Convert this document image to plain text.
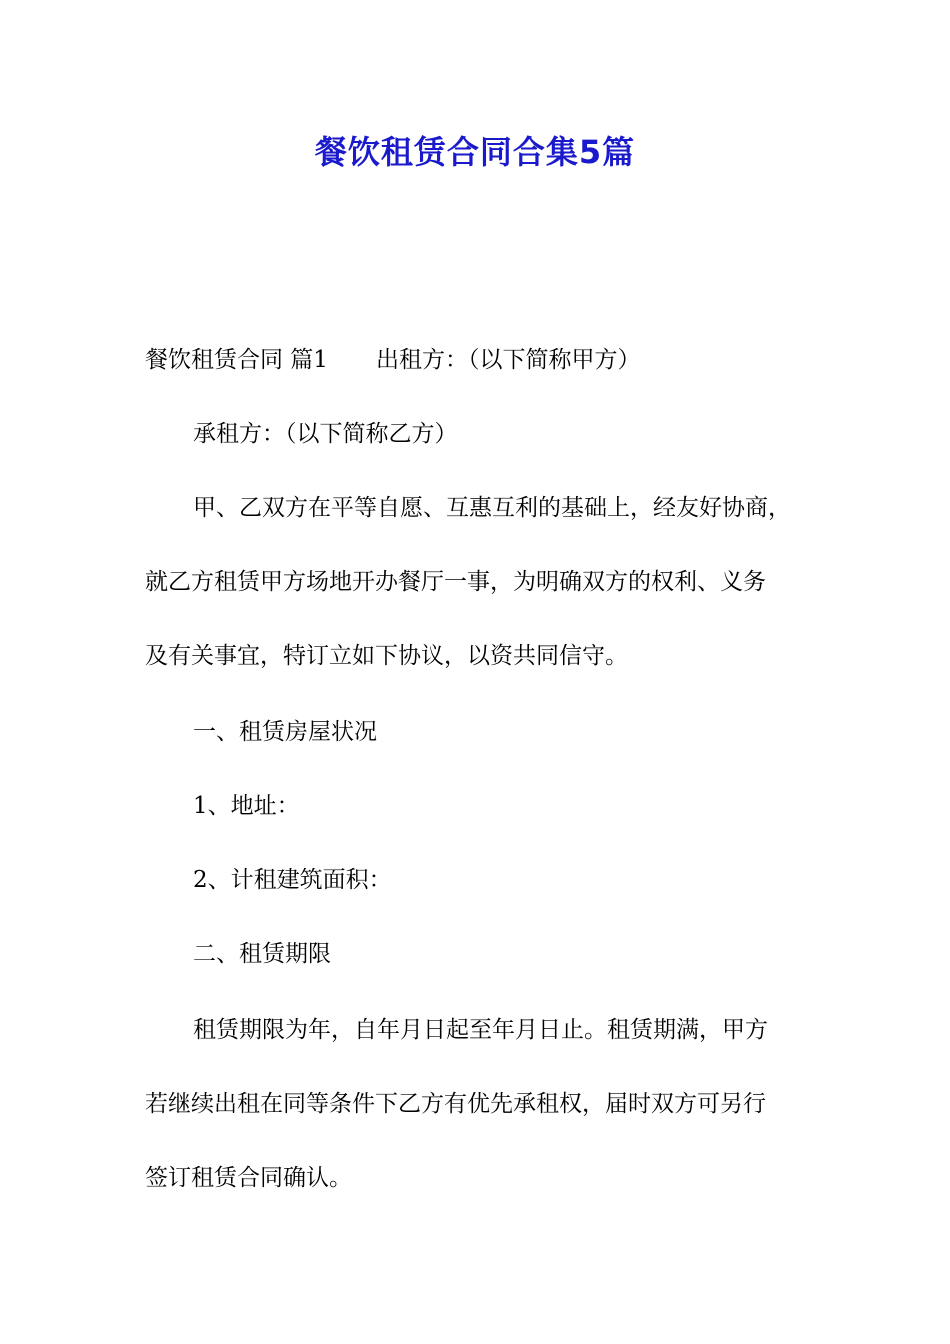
餐饮租赁合同合集5篇
餐饮租赁合同 篇1 出租方：（以下简称甲方）
承租方：（以下简称乙方）
甲、乙双方在平等自愿、互惠互利的基础上，经友好协商，
就乙方租赁甲方场地开办餐厅一事，为明确双方的权利、义务
及有关事宜，特订立如下协议，以资共同信守。
一、租赁房屋状况
1、地址：
2、计租建筑面积：
二、租赁期限
租赁期限为年，自年月日起至年月日止。租赁期满，甲方
若继续出租在同等条件下乙方有优先承租权，届时双方可另行
签订租赁合同确认。
